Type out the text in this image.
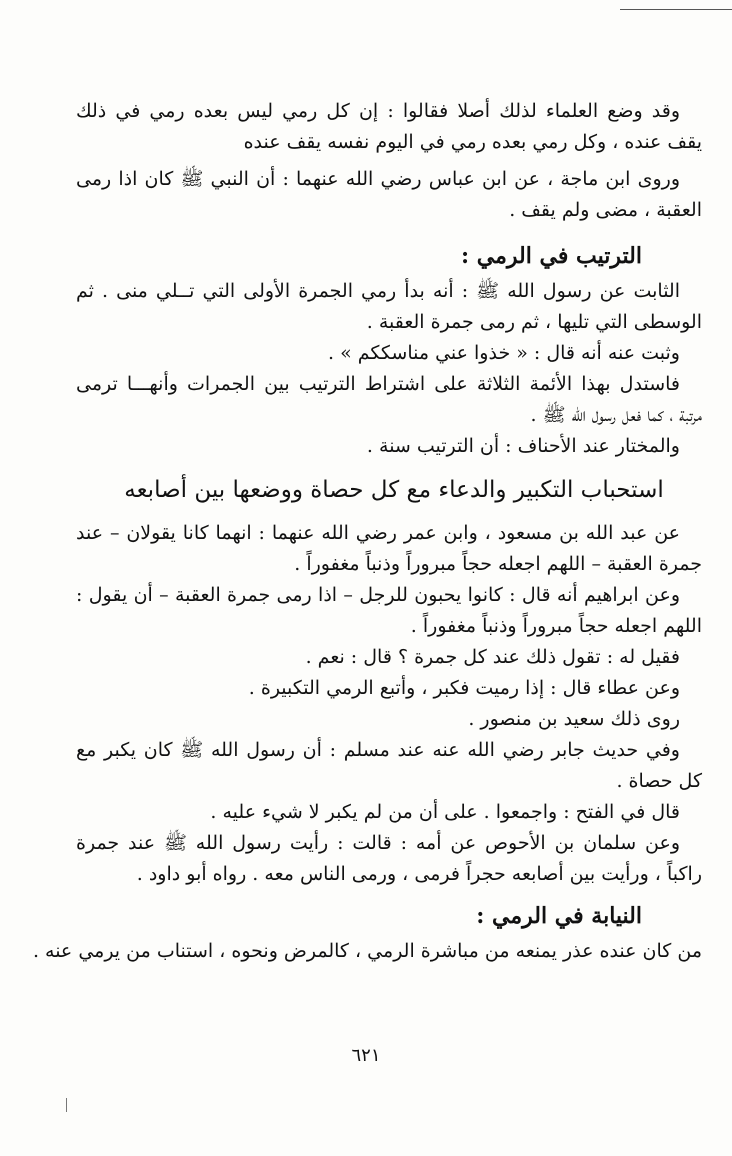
وقد وضع العلماء لذلك أصلا فقالوا : إن كل رمي ليس بعده رمي في ذلك
يقف عنده ، وكل رمي بعده رمي في اليوم نفسه يقف عنده
وروى ابن ماجة ، عن ابن عباس رضي الله عنهما : أن النبي ﷺ كان اذا رمى
العقبة ، مضى ولم يقف .
الترتيب في الرمي :
الثابت عن رسول الله ﷺ : أنه بدأ رمي الجمرة الأولى التي تــلي منى . ثم
الوسطى التي تليها ، ثم رمى جمرة العقبة .
وثبت عنه أنه قال : « خذوا عني مناسككم » .
فاستدل بهذا الأئمة الثلاثة على اشتراط الترتيب بين الجمرات وأنهـــا ترمى
مرتبة ، كما فعل رسول الله ﷺ .
والمختار عند الأحناف : أن الترتيب سنة .
استحباب التكبير والدعاء مع كل حصاة ووضعها بين أصابعه
عن عبد الله بن مسعود ، وابن عمر رضي الله عنهما : انهما كانا يقولان – عند
جمرة العقبة – اللهم اجعله حجاً مبروراً وذنباً مغفوراً .
وعن ابراهيم أنه قال : كانوا يحبون للرجل – اذا رمى جمرة العقبة – أن يقول :
اللهم اجعله حجاً مبروراً وذنباً مغفوراً .
فقيل له : تقول ذلك عند كل جمرة ؟ قال : نعم .
وعن عطاء قال : إذا رميت فكبر ، وأتبع الرمي التكبيرة .
روى ذلك سعيد بن منصور .
وفي حديث جابر رضي الله عنه عند مسلم : أن رسول الله ﷺ كان يكبر مع
كل حصاة .
قال في الفتح : واجمعوا . على أن من لم يكبر لا شيء عليه .
وعن سلمان بن الأحوص عن أمه : قالت : رأيت رسول الله ﷺ عند جمرة
راكباً ، ورأيت بين أصابعه حجراً فرمى ، ورمى الناس معه . رواه أبو داود .
النيابة في الرمي :
من كان عنده عذر يمنعه من مباشرة الرمي ، كالمرض ونحوه ، استناب من يرمي عنه .
٦٢١
